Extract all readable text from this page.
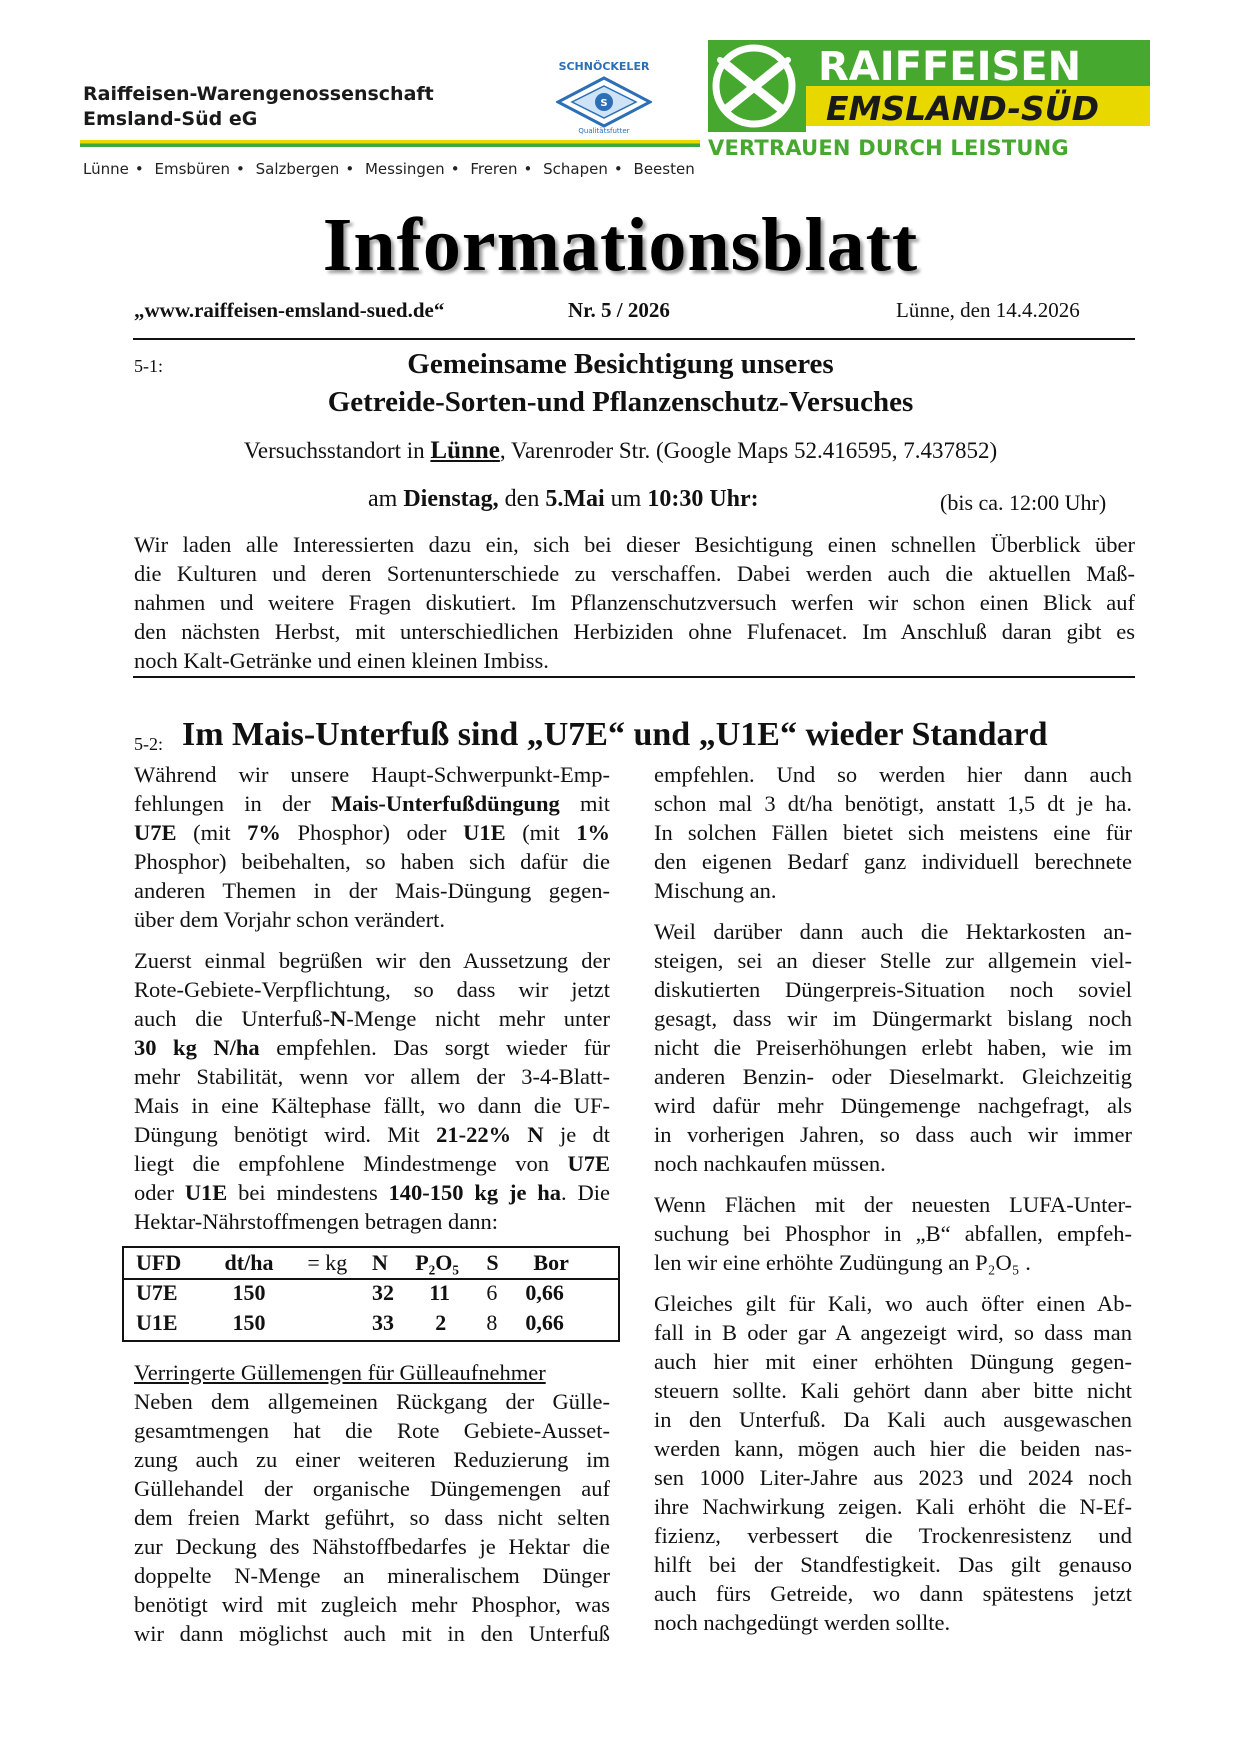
Raiffeisen-Warengenossenschaft
Emsland-Süd eG
Lünne • Emsbüren • Salzbergen • Messingen • Freren • Schapen • Beesten
SCHNÖCKELER
S
Qualitätsfutter
RAIFFEISEN
EMSLAND-SÜD
VERTRAUEN DURCH LEISTUNG
Informationsblatt
„www.raiffeisen-emsland-sued.de“	Nr. 5 / 2026	Lünne, den 14.4.2026
5-1:	Gemeinsame Besichtigung unseres
Getreide-Sorten-und Pflanzenschutz-Versuches
Versuchsstandort in Lünne, Varenroder Str. (Google Maps 52.416595, 7.437852)
am Dienstag, den 5.Mai um 10:30 Uhr:	(bis ca. 12:00 Uhr)
Wir laden alle Interessierten dazu ein, sich bei dieser Besichtigung einen schnellen Überblick über
die Kulturen und deren Sortenunterschiede zu verschaffen. Dabei werden auch die aktuellen Maß-
nahmen und weitere Fragen diskutiert. Im Pflanzenschutzversuch werfen wir schon einen Blick auf
den nächsten Herbst, mit unterschiedlichen Herbiziden ohne Flufenacet. Im Anschluß daran gibt es
noch Kalt-Getränke und einen kleinen Imbiss.
5-2: Im Mais-Unterfuß sind „U7E“ und „U1E“ wieder Standard

Während wir unsere Haupt-Schwerpunkt-Emp-
fehlungen in der Mais-Unterfußdüngung mit
U7E (mit 7% Phosphor) oder U1E (mit 1%
Phosphor) beibehalten, so haben sich dafür die
anderen Themen in der Mais-Düngung gegen-
über dem Vorjahr schon verändert.

Zuerst einmal begrüßen wir den Aussetzung der
Rote-Gebiete-Verpflichtung, so dass wir jetzt
auch die Unterfuß-N-Menge nicht mehr unter
30 kg N/ha empfehlen. Das sorgt wieder für
mehr Stabilität, wenn vor allem der 3-4-Blatt-
Mais in eine Kältephase fällt, wo dann die UF-
Düngung benötigt wird. Mit 21-22% N je dt
liegt die empfohlene Mindestmenge von U7E
oder U1E bei mindestens 140-150 kg je ha. Die
Hektar-Nährstoffmengen betragen dann:

UFD	dt/ha	= kg	N	P₂O₅	S	Bor
U7E	150		32	11	6	0,66
U1E	150		33	2	8	0,66

Verringerte Güllemengen für Gülleaufnehmer
Neben dem allgemeinen Rückgang der Gülle-
gesamtmengen hat die Rote Gebiete-Ausset-
zung auch zu einer weiteren Reduzierung im
Güllehandel der organische Düngemengen auf
dem freien Markt geführt, so dass nicht selten
zur Deckung des Nähstoffbedarfes je Hektar die
doppelte N-Menge an mineralischem Dünger
benötigt wird mit zugleich mehr Phosphor, was
wir dann möglichst auch mit in den Unterfuß

empfehlen. Und so werden hier dann auch
schon mal 3 dt/ha benötigt, anstatt 1,5 dt je ha.
In solchen Fällen bietet sich meistens eine für
den eigenen Bedarf ganz individuell berechnete
Mischung an.

Weil darüber dann auch die Hektarkosten an-
steigen, sei an dieser Stelle zur allgemein viel-
diskutierten Düngerpreis-Situation noch soviel
gesagt, dass wir im Düngermarkt bislang noch
nicht die Preiserhöhungen erlebt haben, wie im
anderen Benzin- oder Dieselmarkt. Gleichzeitig
wird dafür mehr Düngemenge nachgefragt, als
in vorherigen Jahren, so dass auch wir immer
noch nachkaufen müssen.

Wenn Flächen mit der neuesten LUFA-Unter-
suchung bei Phosphor in „B“ abfallen, empfeh-
len wir eine erhöhte Zudüngung an P₂O₅ .

Gleiches gilt für Kali, wo auch öfter einen Ab-
fall in B oder gar A angezeigt wird, so dass man
auch hier mit einer erhöhten Düngung gegen-
steuern sollte. Kali gehört dann aber bitte nicht
in den Unterfuß. Da Kali auch ausgewaschen
werden kann, mögen auch hier die beiden nas-
sen 1000 Liter-Jahre aus 2023 und 2024 noch
ihre Nachwirkung zeigen. Kali erhöht die N-Ef-
fizienz, verbessert die Trockenresistenz und
hilft bei der Standfestigkeit. Das gilt genauso
auch fürs Getreide, wo dann spätestens jetzt
noch nachgedüngt werden sollte.
